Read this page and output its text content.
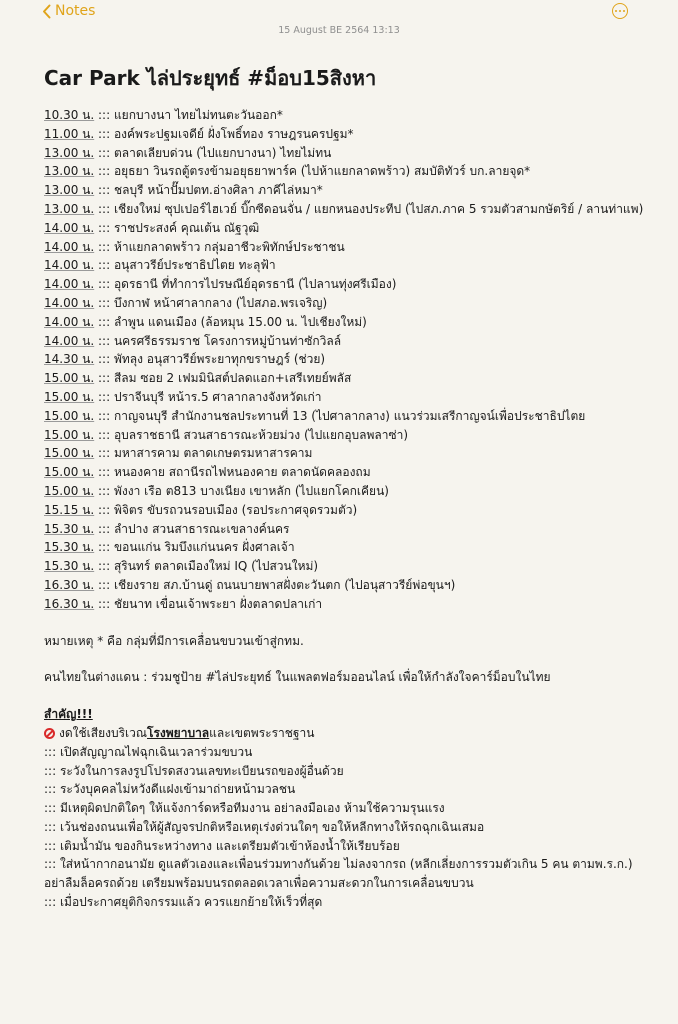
Notes
15 August BE 2564 13:13
Car Park ไล่ประยุทธ์ #ม็อบ15สิงหา

10.30 น. ::: แยกบางนา ไทยไม่ทนตะวันออก*

11.00 น. ::: องค์พระปฐมเจดีย์ ฝั่งโพธิ์ทอง ราษฎรนครปฐม*

13.00 น. ::: ตลาดเลียบด่วน (ไปแยกบางนา) ไทยไม่ทน

13.00 น. ::: อยุธยา วินรถตู้ตรงข้ามอยุธยาพาร์ค (ไปห้าแยกลาดพร้าว) สมบัติทัวร์ บก.ลายจุด*

13.00 น. ::: ชลบุรี หน้าปั๊มปตท.อ่างศิลา ภาคีไล่หมา*

13.00 น. ::: เชียงใหม่ ซุปเปอร์ไฮเวย์ บิ๊กซีดอนจั่น / แยกหนองประทีป (ไปสภ.ภาค 5 รวมตัวสามกษัตริย์ / ลานท่าแพ)

14.00 น. ::: ราชประสงค์ คุณเต้น ณัฐวุฒิ

14.00 น. ::: ห้าแยกลาดพร้าว กลุ่มอาชีวะพิทักษ์ประชาชน

14.00 น. ::: อนุสาวรีย์ประชาธิปไตย ทะลุฟ้า

14.00 น. ::: อุดรธานี ที่ทำการไปรษณีย์อุดรธานี (ไปลานทุ่งศรีเมือง)

14.00 น. ::: บึงกาฬ หน้าศาลากลาง (ไปสภอ.พรเจริญ)

14.00 น. ::: ลำพูน แดนเมือง (ล้อหมุน 15.00 น. ไปเชียงใหม่)

14.00 น. ::: นครศรีธรรมราช โครงการหมู่บ้านท่าซักวิลล์

14.30 น. ::: พัทลุง อนุสาวรีย์พระยาทุกขราษฎร์ (ช่วย)

15.00 น. ::: สีลม ซอย 2 เฟมมินิสต์ปลดแอก+เสรีเทยย์พลัส

15.00 น. ::: ปราจีนบุรี หน้าร.5 ศาลากลางจังหวัดเก่า

15.00 น. ::: กาญจนบุรี สำนักงานชลประทานที่ 13 (ไปศาลากลาง) แนวร่วมเสรีกาญจน์เพื่อประชาธิปไตย

15.00 น. ::: อุบลราชธานี สวนสาธารณะห้วยม่วง (ไปแยกอุบลพลาซ่า)

15.00 น. ::: มหาสารคาม ตลาดเกษตรมหาสารคาม

15.00 น. ::: หนองคาย สถานีรถไฟหนองคาย ตลาดนัดคลองถม

15.00 น. ::: พังงา เรือ ต813 บางเนียง เขาหลัก (ไปแยกโคกเคียน)

15.15 น. ::: พิจิตร ขับรถวนรอบเมือง (รอประกาศจุดรวมตัว)

15.30 น. ::: ลำปาง สวนสาธารณะเขลางค์นคร

15.30 น. ::: ขอนแก่น ริมบึงแก่นนคร ฝั่งศาลเจ้า

15.30 น. ::: สุรินทร์ ตลาดเมืองใหม่ IQ (ไปสวนใหม่)

16.30 น. ::: เชียงราย สภ.บ้านดู่ ถนนบายพาสฝั่งตะวันตก (ไปอนุสาวรีย์พ่อขุนฯ)

16.30 น. ::: ชัยนาท เขื่อนเจ้าพระยา ฝั่งตลาดปลาเก่า

หมายเหตุ * คือ กลุ่มที่มีการเคลื่อนขบวนเข้าสู่กทม.

คนไทยในต่างแดน : ร่วมชูป้าย #ไล่ประยุทธ์ ในแพลตฟอร์มออนไลน์ เพื่อให้กำลังใจคาร์ม็อบในไทย

สำคัญ!!!

งดใช้เสียงบริเวณโรงพยาบาลและเขตพระราชฐาน

::: เปิดสัญญาณไฟฉุกเฉินเวลาร่วมขบวน

::: ระวังในการลงรูปโปรดสงวนเลขทะเบียนรถของผู้อื่นด้วย

::: ระวังบุคคลไม่หวังดีแฝงเข้ามาถ่ายหน้ามวลชน

::: มีเหตุผิดปกติใดๆ ให้แจ้งการ์ดหรือทีมงาน อย่าลงมือเอง ห้ามใช้ความรุนแรง

::: เว้นช่องถนนเพื่อให้ผู้สัญจรปกติหรือเหตุเร่งด่วนใดๆ ขอให้หลีกทางให้รถฉุกเฉินเสมอ

::: เติมน้ำมัน ของกินระหว่างทาง และเตรียมตัวเข้าห้องน้ำให้เรียบร้อย

::: ใส่หน้ากากอนามัย ดูแลตัวเองและเพื่อนร่วมทางกันด้วย ไม่ลงจากรถ (หลีกเลี่ยงการรวมตัวเกิน 5 คน ตามพ.ร.ก.) อย่าลืมล็อครถด้วย เตรียมพร้อมบนรถตลอดเวลาเพื่อความสะดวกในการเคลื่อนขบวน

::: เมื่อประกาศยุติกิจกรรมแล้ว ควรแยกย้ายให้เร็วที่สุด
